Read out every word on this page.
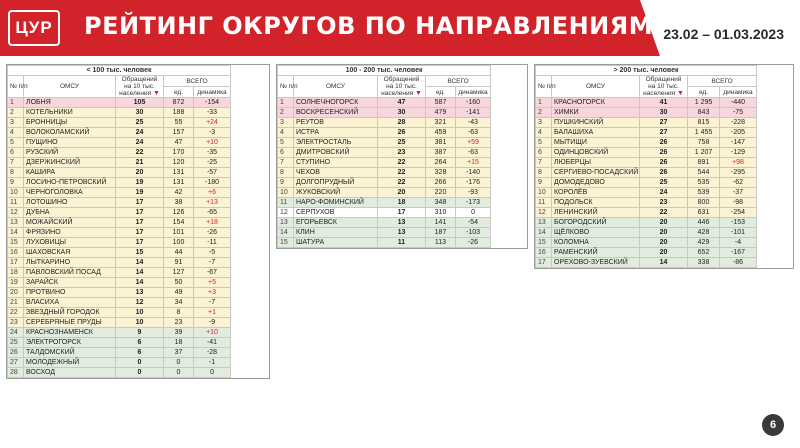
ЦУР	РЕЙТИНГ ОКРУГОВ ПО НАПРАВЛЕНИЯМ 23.02 – 01.03.2023
< 100 тыс. человек				
№ п/п	ОМСУ	Обращений на 10 тыс. населения ▼	ВСЕГО	
			ед.	динамика
1	ЛОБНЯ	105	872	-154
2	КОТЕЛЬНИКИ	30	188	-33
3	БРОННИЦЫ	25	55	+24
4	ВОЛОКОЛАМСКИЙ	24	157	-3
5	ПУЩИНО	24	47	+10
6	РУЗСКИЙ	22	170	-35
7	ДЗЕРЖИНСКИЙ	21	120	-25
8	КАШИРА	20	131	-57
9	ЛОСИНО-ПЕТРОВСКИЙ	19	131	-180
10	ЧЕРНОГОЛОВКА	19	42	+6
11	ЛОТОШИНО	17	38	+13
12	ДУБНА	17	126	-65
13	МОЖАЙСКИЙ	17	154	+18
14	ФРЯЗИНО	17	101	-26
15	ЛУХОВИЦЫ	17	100	-11
16	ШАХОВСКАЯ	15	44	-5
17	ЛЫТКАРИНО	14	91	-7
18	ПАВЛОВСКИЙ ПОСАД	14	127	-67
19	ЗАРАЙСК	14	50	+5
20	ПРОТВИНО	13	49	+3
21	ВЛАСИХА	12	34	-7
22	ЗВЕЗДНЫЙ ГОРОДОК	10	8	+1
23	СЕРЕБРЯНЫЕ ПРУДЫ	10	23	-9
24	КРАСНОЗНАМЕНСК	9	39	+10
25	ЭЛЕКТРОГОРСК	6	18	-41
26	ТАЛДОМСКИЙ	6	37	-28
27	МОЛОДЕЖНЫЙ	0	0	-1
28	ВОСХОД	0	0	0
100 - 200 тыс. человек				
№ п/п	ОМСУ	Обращений на 10 тыс. населения ▼	ВСЕГО	
			ед.	динамика
1	СОЛНЕЧНОГОРСК	47	587	-160
2	ВОСКРЕСЕНСКИЙ	30	479	-141
3	РЕУТОВ	28	321	-43
4	ИСТРА	26	459	-63
5	ЭЛЕКТРОСТАЛЬ	25	381	+59
6	ДМИТРОВСКИЙ	23	387	-63
7	СТУПИНО	22	264	+15
8	ЧЕХОВ	22	328	-140
9	ДОЛГОПРУДНЫЙ	22	266	-176
10	ЖУКОВСКИЙ	20	220	-93
11	НАРО-ФОМИНСКИЙ	18	348	-173
12	СЕРПУХОВ	17	310	0
13	ЕГОРЬЕВСК	13	141	-54
14	КЛИН	13	187	-103
15	ШАТУРА	11	113	-26
> 200 тыс. человек				
№ п/п	ОМСУ	Обращений на 10 тыс. населения ▼	ВСЕГО	
			ед.	динамика
1	КРАСНОГОРСК	41	1 295	-440
2	ХИМКИ	30	843	-75
3	ПУШКИНСКИЙ	27	815	-228
4	БАЛАШИХА	27	1 455	-205
5	МЫТИЩИ	26	758	-147
6	ОДИНЦОВСКИЙ	26	1 207	-129
7	ЛЮБЕРЦЫ	26	891	+98
8	СЕРГИЕВО-ПОСАДСКИЙ	26	544	-295
9	ДОМОДЕДОВО	25	535	-62
10	КОРОЛЁВ	24	539	-37
11	ПОДОЛЬСК	23	800	-98
12	ЛЕНИНСКИЙ	22	631	-254
13	БОГОРОДСКИЙ	20	446	-153
14	ЩЁЛКОВО	20	428	-101
15	КОЛОМНА	20	429	-4
16	РАМЕНСКИЙ	20	652	-167
17	ОРЕХОВО-ЗУЕВСКИЙ	14	338	-86
6
